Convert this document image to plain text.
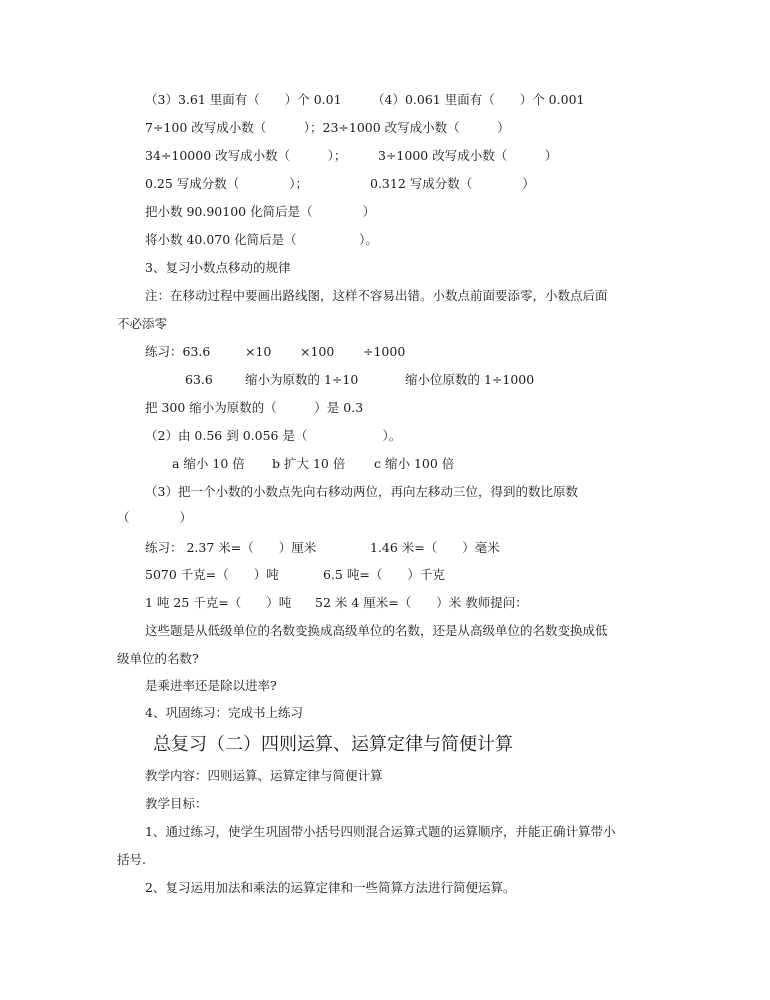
（3）3.61 里面有（　　）个 0.01 （4）0.061 里面有（　　）个 0.001
7÷100 改写成小数（　　　）；23÷1000 改写成小数（　　　）
34÷10000 改写成小数（　　　）；	3÷1000 改写成小数（　　　）
0.25 写成分数（　　　　）；	0.312 写成分数（　　　　）
把小数 90.90100 化简后是（　　　　）
将小数 40.070 化简后是（　　　　　）。
3、复习小数点移动的规律
注：在移动过程中要画出路线图，这样不容易出错。小数点前面要添零，小数点后面
不必添零
练习：63.6	×10 ×100 ÷1000
63.6	缩小为原数的 1÷10	缩小位原数的 1÷1000
把 300 缩小为原数的（　　　）是 0.3
（2）由 0.56 到 0.056 是（　　　　　　）。
a 缩小 10 倍 b 扩大 10 倍 c 缩小 100 倍
（3）把一个小数的小数点先向右移动两位，再向左移动三位，得到的数比原数
（　　　　）
练习： 2.37 米=（　　）厘米	1.46 米=（　　）毫米
5070 千克=（　　）吨	6.5 吨=（　　）千克
1 吨 25 千克=（　　）吨 52 米 4 厘米=（　　）米 教师提问：
这些题是从低级单位的名数变换成高级单位的名数，还是从高级单位的名数变换成低
级单位的名数?
是乘进率还是除以进率?
4、巩固练习：完成书上练习
总复习（二）四则运算、运算定律与简便计算
教学内容：四则运算、运算定律与简便计算
教学目标：
1、通过练习，使学生巩固带小括号四则混合运算式题的运算顺序，并能正确计算带小
括号.
2、复习运用加法和乘法的运算定律和一些简算方法进行简便运算。
